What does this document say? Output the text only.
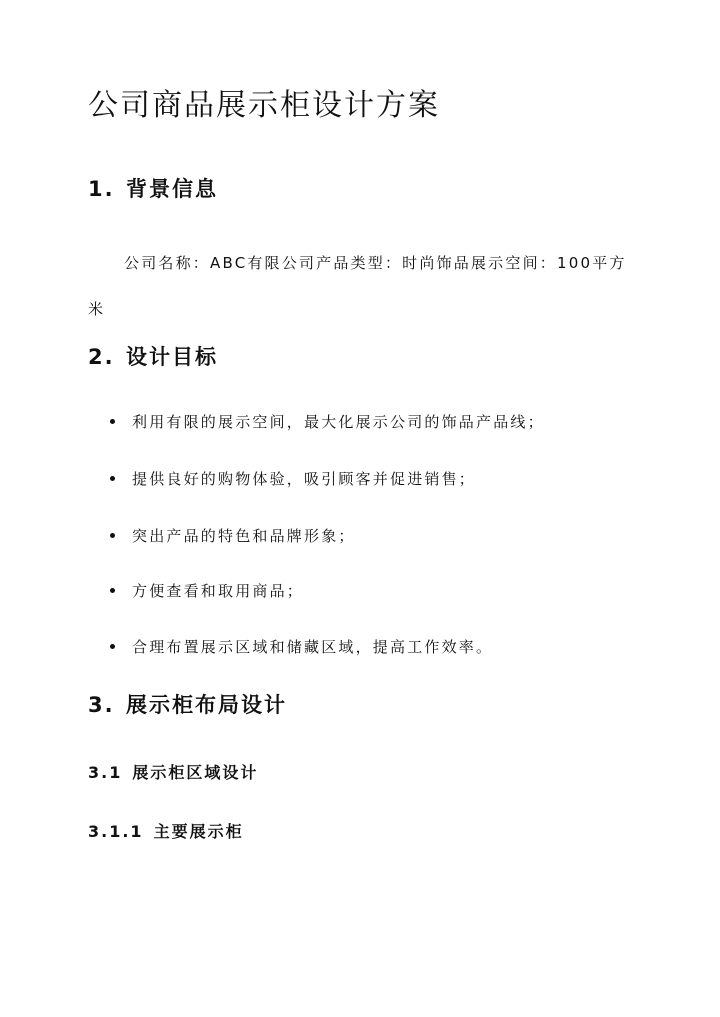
公司商品展示柜设计方案
1. 背景信息

公司名称：ABC有限公司产品类型：时尚饰品展示空间：100平方米

2. 设计目标
利用有限的展示空间，最大化展示公司的饰品产品线；
提供良好的购物体验，吸引顾客并促进销售；
突出产品的特色和品牌形象；
方便查看和取用商品；
合理布置展示区域和储藏区域，提高工作效率。
3. 展示柜布局设计
3.1 展示柜区域设计
3.1.1 主要展示柜
